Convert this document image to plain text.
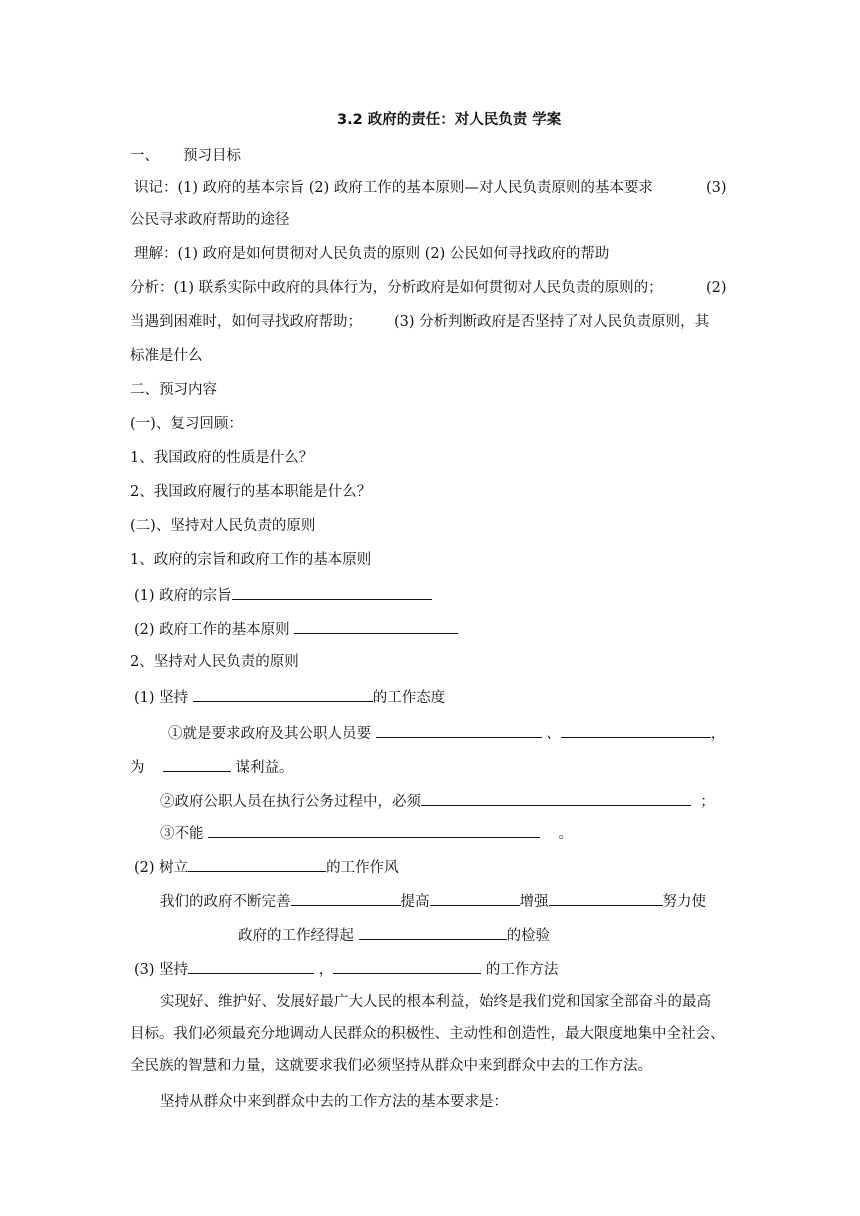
3.2 政府的责任：对人民负责 学案
一、 预习目标
识记：(1) 政府的基本宗旨 (2) 政府工作的基本原则—对人民负责原则的基本要求	(3)
公民寻求政府帮助的途径
理解：(1) 政府是如何贯彻对人民负责的原则 (2) 公民如何寻找政府的帮助
分析：(1) 联系实际中政府的具体行为，分析政府是如何贯彻对人民负责的原则的；	(2)
当遇到困难时，如何寻找政府帮助； (3) 分析判断政府是否坚持了对人民负责原则，其
标准是什么
二、预习内容
(一)、复习回顾：
1、我国政府的性质是什么？
2、我国政府履行的基本职能是什么？
(二)、坚持对人民负责的原则
1、政府的宗旨和政府工作的基本原则
(1) 政府的宗旨
(2) 政府工作的基本原则
2、坚持对人民负责的原则
(1) 坚持	的工作态度
①就是要求政府及其公职人员要	、	，
为	谋利益。
②政府公职人员在执行公务过程中，必须	；
③不能	。
(2) 树立	的工作作风
我们的政府不断完善	提高	增强	努力使
政府的工作经得起	的检验
(3) 坚持	，	的工作方法
实现好、维护好、发展好最广大人民的根本利益，始终是我们党和国家全部奋斗的最高
目标。我们必须最充分地调动人民群众的积极性、主动性和创造性，最大限度地集中全社会、
全民族的智慧和力量，这就要求我们必须坚持从群众中来到群众中去的工作方法。
坚持从群众中来到群众中去的工作方法的基本要求是：
